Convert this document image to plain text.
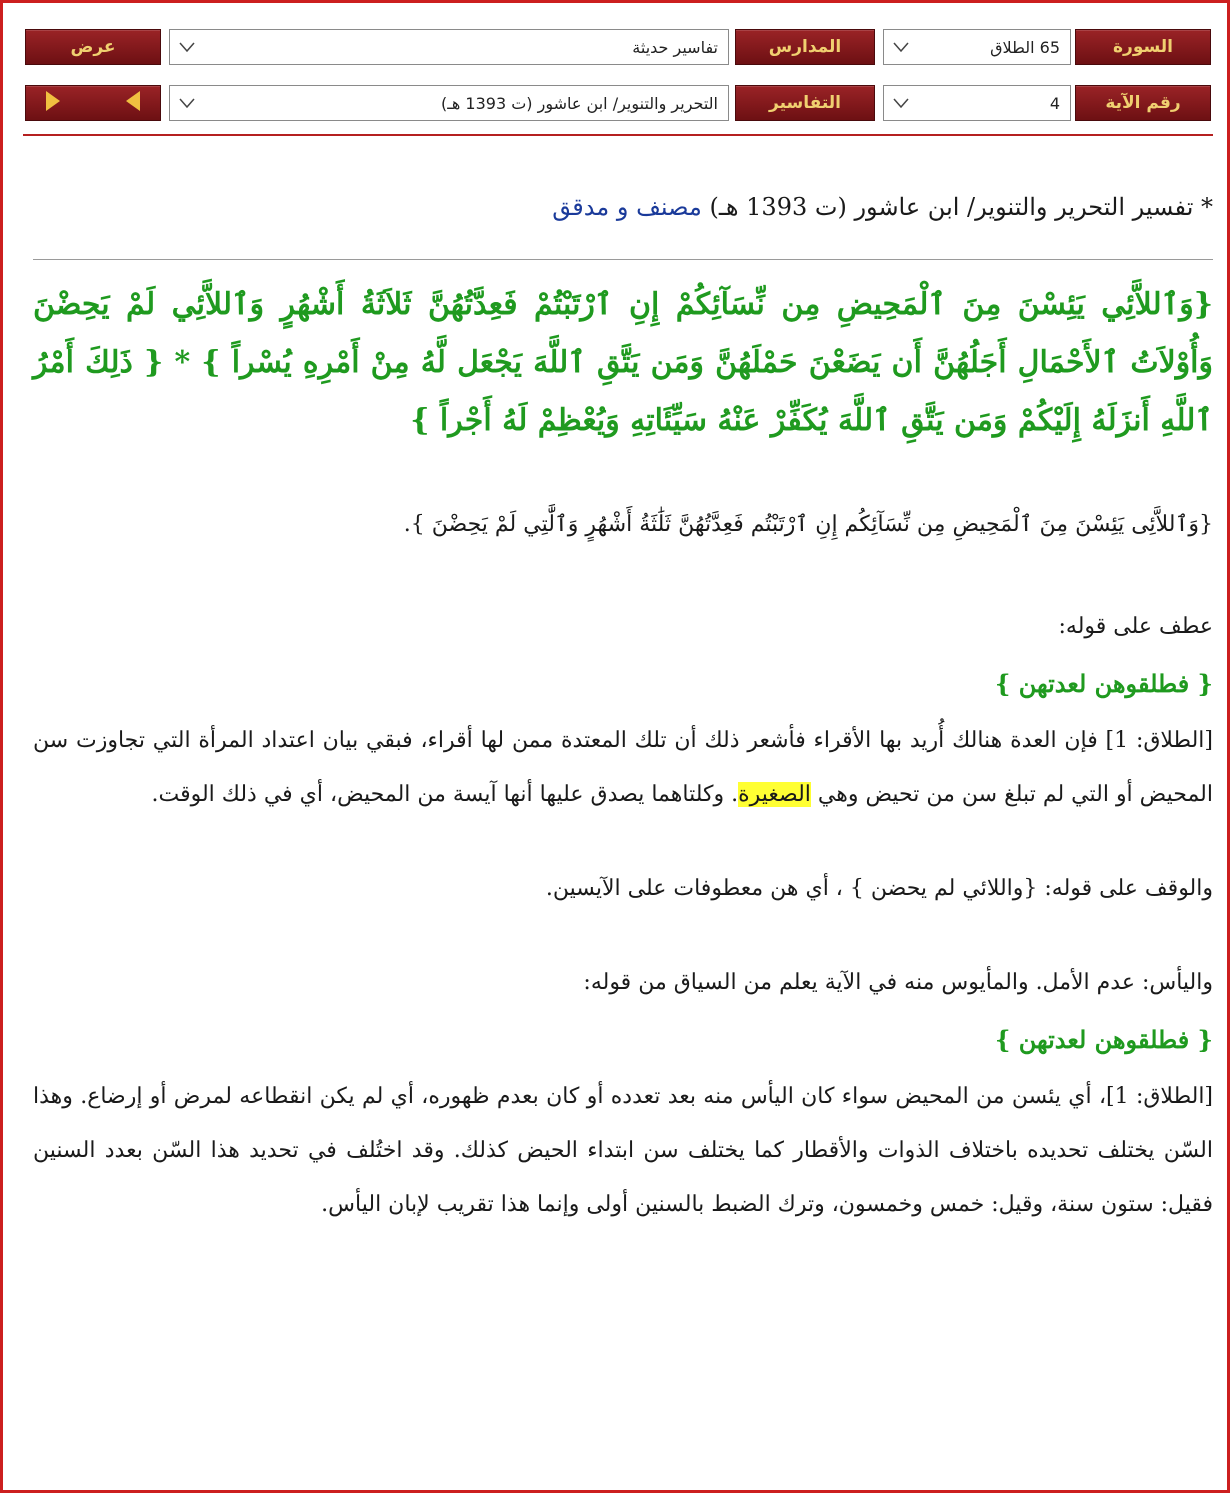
السورة
65 الطلاق
المدارس
تفاسير حديثة
عرض
رقم الآية
4
التفاسير
التحرير والتنوير/ ابن عاشور (ت 1393 هـ)
* تفسير التحرير والتنوير/ ابن عاشور (ت 1393 هـ) مصنف و مدقق
{وَٱللاَّئِي يَئِسْنَ مِنَ ٱلْمَحِيضِ مِن نِّسَآئِكُمْ إِنِ ٱرْتَبْتُمْ فَعِدَّتُهُنَّ ثَلاَثَةُ أَشْهُرٍ وَٱللاَّئِي لَمْ يَحِضْنَ وَأُوْلاَتُ ٱلأَحْمَالِ أَجَلُهُنَّ أَن يَضَعْنَ حَمْلَهُنَّ وَمَن يَتَّقِ ٱللَّهَ يَجْعَل لَّهُ مِنْ أَمْرِهِ يُسْراً } * { ذَلِكَ أَمْرُ ٱللَّهِ أَنزَلَهُ إِلَيْكُمْ وَمَن يَتَّقِ ٱللَّهَ يُكَفِّرْ عَنْهُ سَيِّئَاتِهِ وَيُعْظِمْ لَهُ أَجْراً }
{وَٱللاَّئِى يَئِسْنَ مِنَ ٱلْمَحِيضِ مِن نِّسَآئِكُم إِنِ ٱرْتَبْتُم فَعِدَّتُهُنَّ ثَلَٰثَةُ أَشْهُرٍ وَٱلَّٰتِي لَمْ يَحِضْنَ }.
عطف على قوله:
{ فطلقوهن لعدتهن }
[الطلاق: 1] فإن العدة هنالك أُريد بها الأقراء فأشعر ذلك أن تلك المعتدة ممن لها أقراء، فبقي بيان اعتداد المرأة التي تجاوزت سن المحيض أو التي لم تبلغ سن من تحيض وهي الصغيرة. وكلتاهما يصدق عليها أنها آيسة من المحيض، أي في ذلك الوقت.
والوقف على قوله: {واللائي لم يحضن } ، أي هن معطوفات على الآيسين.
واليأس: عدم الأمل. والمأيوس منه في الآية يعلم من السياق من قوله:
{ فطلقوهن لعدتهن }
[الطلاق: 1]، أي يئسن من المحيض سواء كان اليأس منه بعد تعدده أو كان بعدم ظهوره، أي لم يكن انقطاعه لمرض أو إرضاع. وهذا السّن يختلف تحديده باختلاف الذوات والأقطار كما يختلف سن ابتداء الحيض كذلك. وقد اختُلف في تحديد هذا السّن بعدد السنين فقيل: ستون سنة، وقيل: خمس وخمسون، وترك الضبط بالسنين أولى وإنما هذا تقريب لإبان اليأس.
